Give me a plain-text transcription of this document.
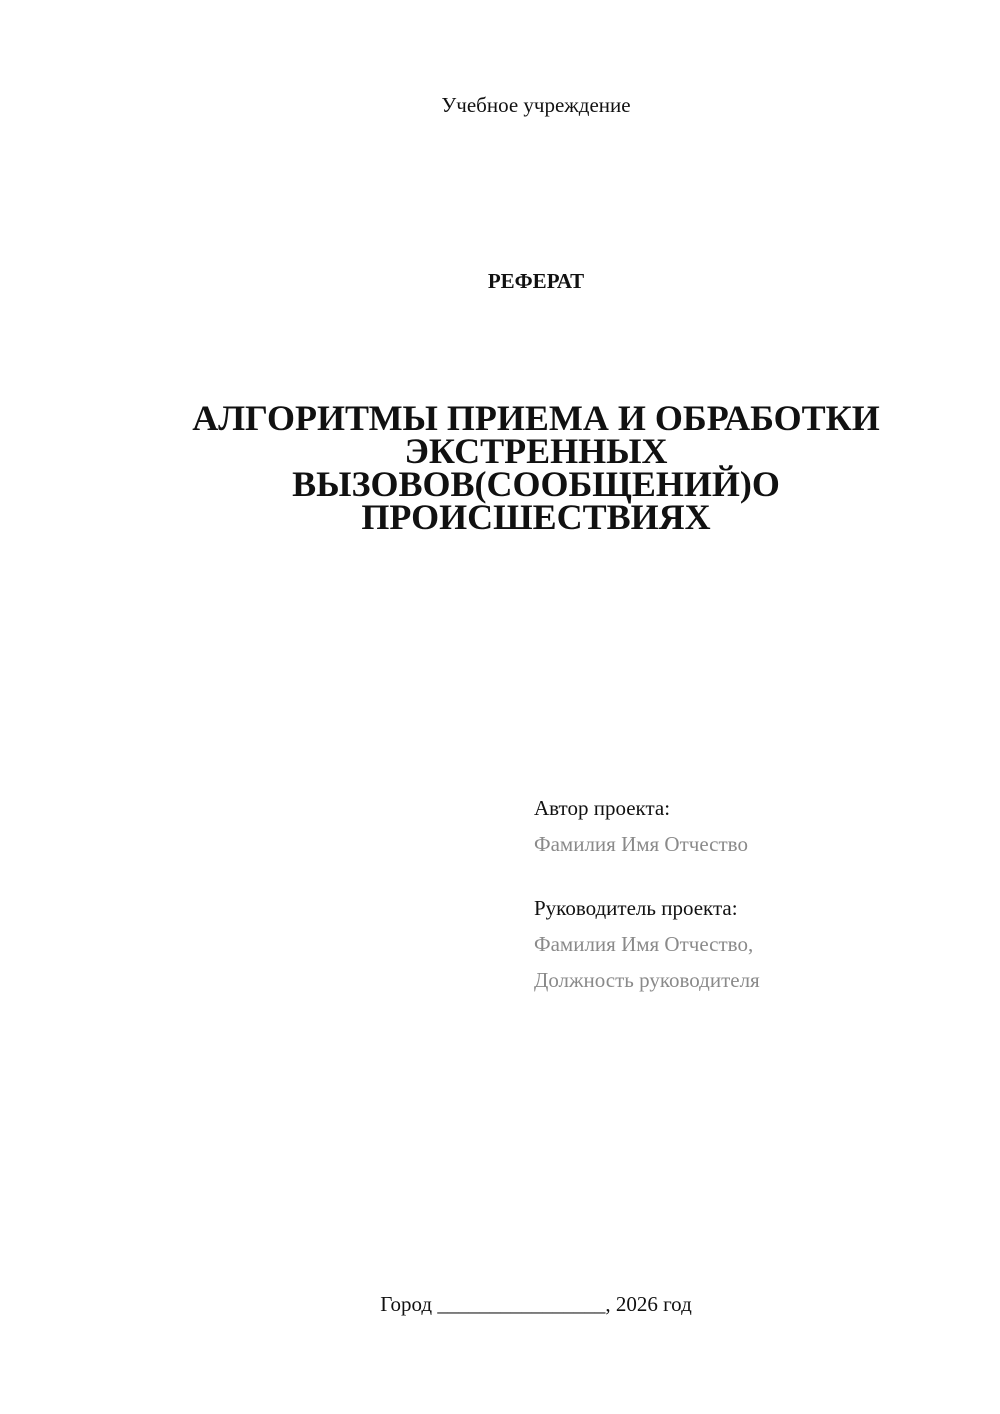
Учебное учреждение
РЕФЕРАТ
АЛГОРИТМЫ ПРИЕМА И ОБРАБОТКИ
ЭКСТРЕННЫХ
ВЫЗОВОВ(СООБЩЕНИЙ)О
ПРОИСШЕСТВИЯХ
Автор проекта:
Фамилия Имя Отчество
Руководитель проекта:
Фамилия Имя Отчество,
Должность руководителя
Город ________________, 2026 год
